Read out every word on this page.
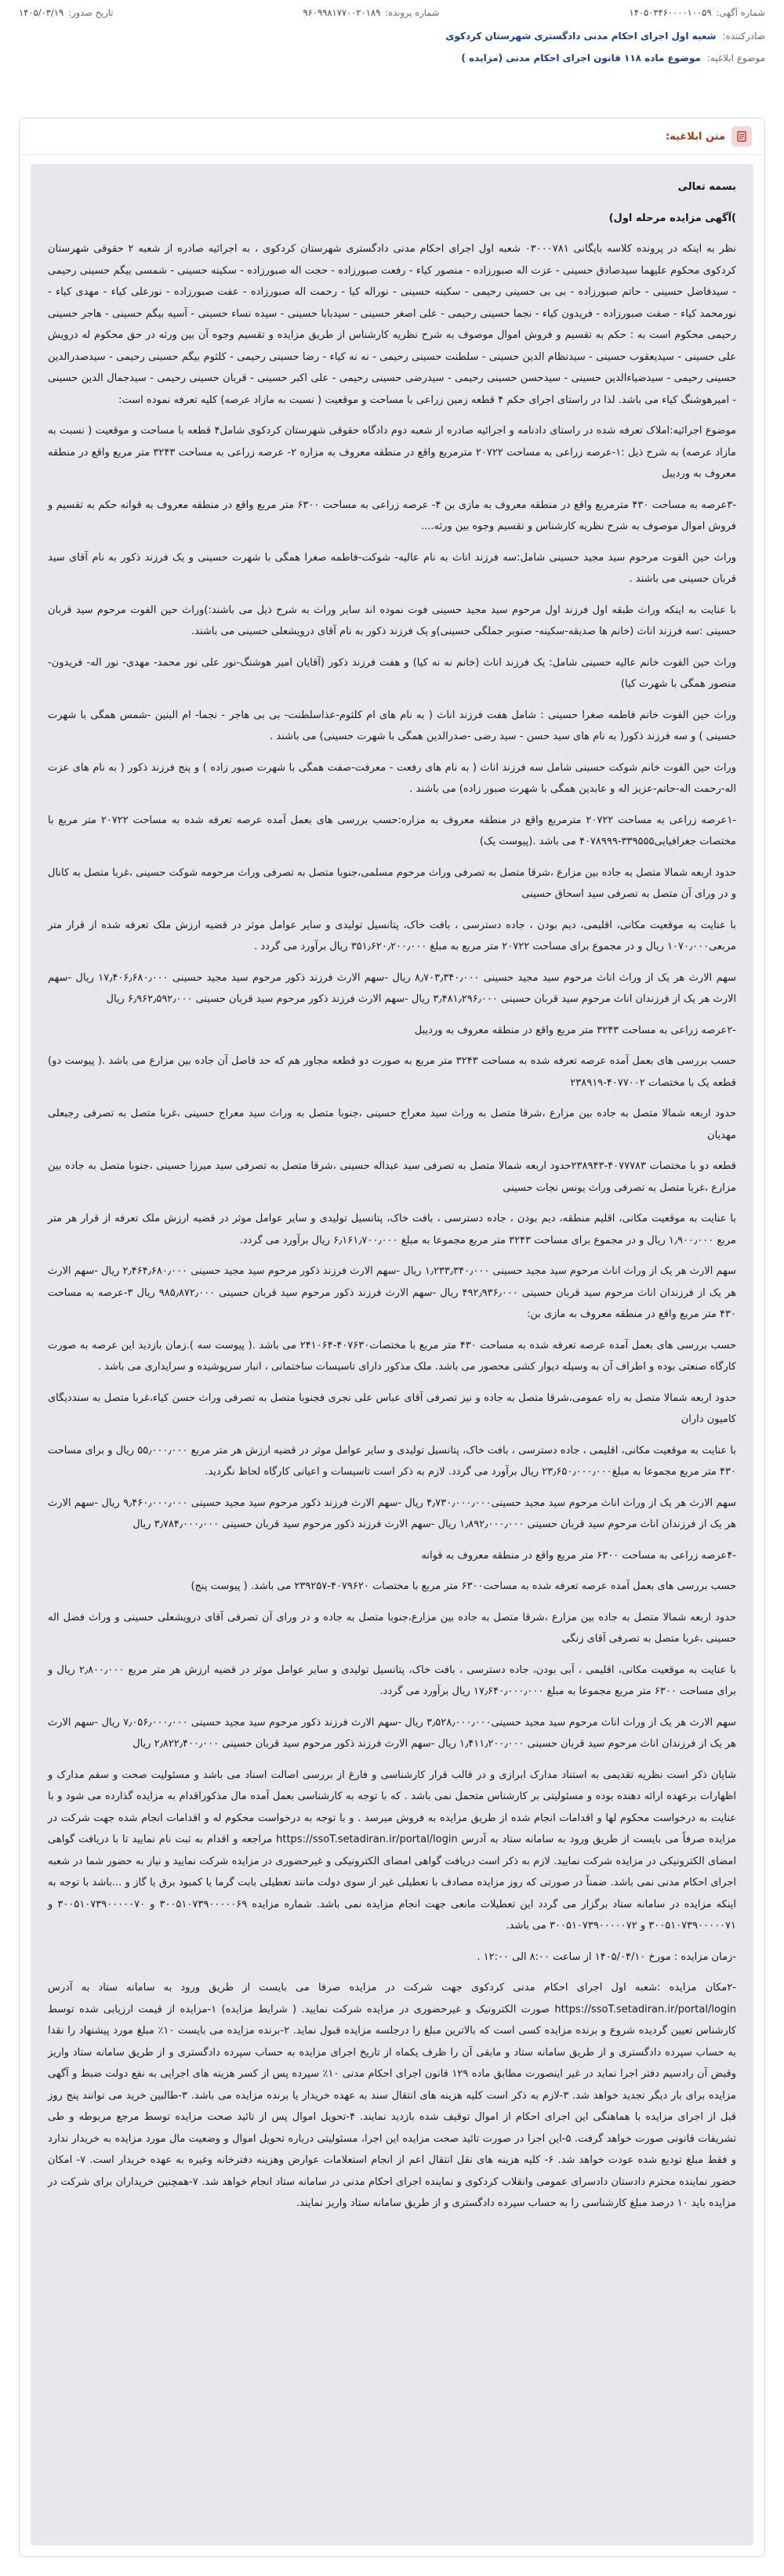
شماره آگهی:
۱۴۰۵۰۳۴۶۰۰۰۰۱۰۰۵۹
شماره پرونده:
۹۶۰۹۹۸۱۷۷۰۰۲۰۱۸۹
تاریخ صدور:
۱۴۰۵/۰۳/۱۹
صادرکننده:
شعبه اول اجرای احکام مدنی دادگستری شهرستان کردکوی
موضوع ابلاغیه:
موضوع ماده ۱۱۸ قانون اجرای احکام مدنی (مزایده )
متن ابلاغیه:

بسمه تعالی

)آگهی مزایده مرحله اول)

نظر به اینکه در پرونده کلاسه بایگانی ۰۳۰۰۰۷۸۱ شعبه اول اجرای احکام مدنی دادگستری شهرستان کردکوی ، به اجرائیه صادره از شعبه ۲ حقوقی شهرستان کردکوی محکوم علیهما سیدصادق حسینی - عزت اله صبورزاده - منصور کیاء - رفعت صبورزاده - حجت اله صبورزاده - سکینه حسینی - شمسی بیگم حسینی رحیمی - سیدفاضل حسینی - حاتم صبورزاده - بی بی حسینی رحیمی - سکینه حسینی - نوراله کیا - رحمت اله صبورزاده - عفت صبورزاده - نورعلی کیاء - مهدی کیاء - نورمحمد کیاء - صفت صبورزاده - فریدون کیاء - نجما حسینی رحیمی - علی اصغر حسینی - سیدبابا حسینی - سیده نساء حسینی - آسیه بیگم حسینی - هاجر حسینی رحیمی محکوم است به : حکم به تقسیم و فروش اموال موصوف به شرح نظریه کارشناس از طریق مزایده و تقسیم وجوه آن بین ورثه در حق محکوم له درویش علی حسینی - سیدیعقوب حسینی - سیدنظام الدین حسینی - سلطنت حسینی رحیمی - نه نه کیاء - رضا حسینی رحیمی - کلثوم بیگم حسینی رحیمی - سیدصدرالدین حسینی رحیمی - سیدضیاءالدین حسینی - سیدحسن حسینی رحیمی - سیدرضی حسینی رحیمی - علی اکبر حسینی - قربان حسینی رحیمی - سیدجمال الدین حسینی - امیرهوشنگ کیاء می باشد. لذا در راستای اجرای حکم ۴ قطعه زمین زراعی با مساحت و موقعیت ( نسبت به مازاد عرصه) کلیه تعرفه نموده است:

موضوع اجرائیه:املاک تعرفه شده در راستای دادنامه و اجرائیه صادره از شعبه دوم دادگاه حقوقی شهرستان کردکوی شامل۴ قطعه با مساحت و موقعیت ( نسبت به مازاد عرصه) به شرح ذیل :۱-عرصه زراعی به مساحت ۲۰۷۲۲ مترمربع واقع در منطقه معروف به مزاره ۲- عرصه زراعی به مساحت ۳۲۴۳ متر مربع واقع در منطقه معروف به وردیبل

-۳عرصه به مساحت ۴۳۰ مترمربع واقع در منطقه معروف به مازی بن ۴- عرصه زراعی به مساحت ۶۳۰۰ متر مربع واقع در منطقه معروف به قوانه حکم به تقسیم و فروش اموال موصوف به شرح نظریه کارشناس و تقسیم وجوه بین ورثه....

وراث حین الفوت مرحوم سید مجید حسینی شامل:سه فرزند اناث به نام عالیه- شوکت-فاطمه صغرا همگی با شهرت حسینی و یک فرزند ذکور به نام آقای سید قربان حسینی می باشند .

با عنایت به اینکه وراث طبقه اول فرزند اول مرحوم سید مجید حسینی فوت نموده اند سایر وراث به شرح ذیل می باشند:)وراث حین الفوت مرحوم سید قربان حسینی :سه فرزند اناث (خانم ها صدیقه-سکینه- صنوبر جملگی حسینی)و یک فرزند ذکور به نام آقای درویشعلی حسینی می باشند.

وراث حین الفوت خانم عالیه حسینی شامل: یک فرزند اناث (خانم نه نه کیا) و هفت فرزند ذکور (آقایان امیر هوشنگ-نور علی نور محمد- مهدی- نور اله- فریدون- منصور همگی با شهرت کیا)

وراث حین الفوت خانم فاطمه صغرا حسینی : شامل هفت فرزند اناث ( به نام های ام کلثوم-عذاسلطنت- بی بی هاجر - نجما- ام البنین -شمس همگی با شهرت حسینی ) و سه فرزند ذکور( به نام های سید حسن - سید رضی -صدرالدین همگی با شهرت حسینی) می باشند .

وراث حین الفوت خانم شوکت حسینی شامل سه فرزند اناث ( به نام های رفعت - معرفت-صفت همگی با شهرت صبور زاده ) و پنج فرزند ذکور ( به نام های عزت اله-رحمت اله-حاتم-عزیز اله و عابدین همگی با شهرت صبور زاده) می باشند .

-۱عرصه زراعی به مساحت ۲۰۷۲۲ مترمربع واقع در منطقه معروف به مزاره:حسب بررسی های بعمل آمده عرصه تعرفه شده به مساحت ۲۰۷۲۲ متر مربع با مختصات جغرافیایی۳۳۹۵۵۵-۴۰۷۸۹۹۹ می باشد .(پیوست یک)

حدود اربعه شمالا متصل به جاده بین مزارع ،شرقا متصل به تصرفی وراث مرحوم مسلمی،جنوبا متصل به تصرفی وراث مرحومه شوکت حسینی ،غربا متصل به کانال و در ورای آن متصل به تصرفی سید اسحاق حسینی

با عنایت به موقعیت مکانی، اقلیمی، دیم بودن ، جاده دسترسی ، بافت خاک، پتانسیل تولیدی و سایر عوامل موثر در قضیه ارزش ملک تعرفه شده از قرار متر مربعی۱۰۷۰٫۰۰۰ ریال و در مجموع برای مساحت ۲۰۷۲۲ متر مربع به مبلغ ۳۵۱٫۶۲۰٫۲۰۰٫۰۰۰ ریال برآورد می گردد .

سهم الارث هر یک از وراث اناث مرحوم سید مجید حسینی ۸٫۷۰۳٫۳۴۰٫۰۰۰ ریال -سهم الارث فرزند ذکور مرحوم سید مجید حسینی ۱۷٫۴۰۶٫۶۸۰٫۰۰۰ ریال -سهم الارث هر یک از فرزندان اناث مرحوم سید قربان حسینی ۳٫۴۸۱٫۲۹۶٫۰۰۰ ریال -سهم الارث فرزند ذکور مرحوم سید قربان حسینی ۶٫۹۶۲٫۵۹۲٫۰۰۰ ریال

-۲عرصه زراعی به مساحت ۳۲۴۳ متر مربع واقع در منطقه معروف به وردیبل

حسب بررسی های بعمل آمده عرصه تعرفه شده به مساحت ۳۲۴۳ متر مربع به صورت دو قطعه مجاور هم که حد فاصل آن جاده بین مزارع می باشد .( پیوست دو) قطعه یک با مختصات ۴۰۷۷۰۰۲-۲۳۸۹۱۹

حدود اربعه شمالا متصل به جاده بین مزارع ،شرقا متصل به وراث سید معراج حسینی ،جنوبا متصل به وراث سید معراج حسینی ،غربا متصل به تصرفی رجبعلی مهدیان

قطعه دو با مختصات ۴۰۷۷۷۸۳-۲۳۸۹۴۳حدود اربعه شمالا متصل به تصرفی سید عبداله حسینی ،شرقا متصل به تصرفی سید میرزا حسینی ،جنوبا متصل به جاده بین مزارع ،غربا متصل به تصرفی وراث یونس نجات حسینی

با عنایت به موقعیت مکانی، اقلیم منطقه، دیم بودن ، جاده دسترسی ، بافت خاک، پتانسیل تولیدی و سایر عوامل موثر در قضیه ارزش ملک تعرفه از قرار هر متر مربع ۱٫۹۰۰٫۰۰۰ ریال و در مجموع برای مساحت ۳۲۴۳ متر مربع مجموعا به مبلغ ۶٫۱۶۱٫۷۰۰٫۰۰۰ ریال برآورد می گردد.

سهم الارث هر یک از وراث اناث مرحوم سید مجید حسینی ۱٫۲۳۳٫۳۴۰٫۰۰۰ ریال -سهم الارث فرزند ذکور مرحوم سید مجید حسینی ۲٫۴۶۴٫۶۸۰٫۰۰۰ ریال -سهم الارث هر یک از فرزندان اناث مرحوم سید قربان حسینی ۴۹۲٫۹۳۶٫۰۰۰ ریال -سهم الارث فرزند ذکور مرحوم سید قربان حسینی ۹۸۵٫۸۷۲٫۰۰۰ ریال ۳-عرصه به مساحت ۴۳۰ متر مربع واقع در منطقه معروف به مازی بن:

حسب بررسی های بعمل آمده عرصه تعرفه شده به مساحت ۴۳۰ متر مربع با مختصات۴۰۷۶۳۰-۲۴۱۰۶۴ می باشد .( پیوست سه ).زمان بازدید این عرصه به صورت کارگاه صنعتی بوده و اطراف آن به وسیله دیوار کشی محصور می باشد. ملک مذکور دارای تاسیسات ساختمانی ، انبار سرپوشیده و سرایداری می باشد .

حدود اربعه شمالا متصل به راه عمومی،شرقا متصل به جاده و نیز تصرفی آقای عباس علی نجری فجنوبا متصل به تصرفی وراث حسن کیاء،غربا متصل به سنددیگای کامیون داران

با عنایت به موقعیت مکانی، اقلیمی ، جاده دسترسی ، بافت خاک، پتانسیل تولیدی و سایر عوامل موثر در قضیه ارزش هر متر مربع ۵۵٫۰۰۰٫۰۰۰ ریال و برای مساحت ۴۳۰ متر مربع مجموعا به مبلغ۲۳٫۶۵۰٫۰۰۰٫۰۰۰ ریال برآورد می گردد. لازم به ذکر است تاسیسات و اعیانی کارگاه لحاظ نگردید.

سهم الارث هر یک از وراث اناث مرحوم سید مجید حسینی۴٫۷۳۰٫۰۰۰٫۰۰۰ ریال -سهم الارث فرزند ذکور مرحوم سید مجید حسینی ۹٫۴۶۰٫۰۰۰٫۰۰۰ ریال -سهم الارث هر یک از فرزندان اناث مرحوم سید قربان حسینی ۱٫۸۹۲٫۰۰۰٫۰۰۰ ریال -سهم الارث فرزند ذکور مرحوم سید قربان حسینی ۳٫۷۸۴٫۰۰۰٫۰۰۰ ریال

-۴عرصه زراعی به مساحت ۶۳۰۰ متر مربع واقع در منطقه معروف به قوانه

حسب بررسی های بعمل آمده عرصه تعرفه شده به مساحت۶۳۰۰ متر مربع با مختصات ۴۰۷۹۶۲۰-۲۳۹۲۵۷ می باشد. ( پیوست پنج)

حدود اربعه شمالا متصل به جاده بین مزارع ،شرقا متصل به جاده بین مزارع،جنوبا متصل به جاده و در ورای آن تصرفی آقای درویشعلی حسینی و وراث فضل اله حسینی ،غربا متصل به تصرفی آقای زنگی

با عنایت به موقعیت مکانی، اقلیمی ، آبی بودن، جاده دسترسی ، بافت خاک، پتانسیل تولیدی و سایر عوامل موثر در قضیه ارزش هر متر مربع ۲٫۸۰۰٫۰۰۰ ریال و برای مساحت ۶۳۰۰ متر مربع مجموعا به مبلغ ۱۷٫۶۴۰٫۰۰۰٫۰۰۰ ریال برآورد می گردد.

سهم الارث هر یک از وراث اناث مرحوم سید مجید حسینی۳٫۵۲۸٫۰۰۰٫۰۰۰ ریال -سهم الارث فرزند ذکور مرحوم سید مجید حسینی ۷٫۰۵۶٫۰۰۰٫۰۰۰ ریال -سهم الارث هر یک از فرزندان اناث مرحوم سید قربان حسینی ۱٫۴۱۱٫۲۰۰٫۰۰۰ ریال -سهم الارث فرزند ذکور مرحوم سید قربان حسینی ۲٫۸۲۲٫۴۰۰٫۰۰۰ ریال

شایان ذکر است نظریه تقدیمی به استناد مدارک ابرازی و در قالب قرار کارشناسی و فارغ از بررسی اصالت اسناد می باشد و مسئولیت صحت و سقم مدارک و اظهارات برعهده ارائه دهنده بوده و مسئولیتی بر کارشناس متحمل نمی باشد . که با توجه به کارشناسی بعمل آمده مال مذکوراقدام به مزایده گذارده می شود و با عنایت به درخواست محکوم لها و اقدامات انجام شده از طریق مزایده به فروش میرسد . و با توجه به درخواست محکوم له و اقدامات انجام شده جهت شرکت در مزایده صرفاً می بایست از طریق ورود به سامانه ستاد به آدرس https://ssoT.setadiran.ir/portal/login مراجعه و اقدام به ثبت نام نمایید تا با دریافت گواهی امضای الکترونیکی در مزایده شرکت نمایید. لازم به ذکر است دریافت گواهی امضای الکترونیکی و غیرحضوری در مزایده شرکت نمایید و نیاز به حضور شما در شعبه اجرای احکام مدنی نمی باشد. ضمناً در صورتی که روز مزایده مصادف با تعطیلی غیر از سوی دولت مانند تعطیلی بابت گرما یا کمبود برق یا گاز و ...باشد با توجه به اینکه مزایده در سامانه ستاد برگزار می گردد این تعطیلات مانعی جهت انجام مزایده نمی باشد. شماره مزایده ۳۰۰۵۱۰۷۳۹۰۰۰۰۰۶۹ و ۳۰۰۵۱۰۷۳۹۰۰۰۰۰۷۰ و ۳۰۰۵۱۰۷۳۹۰۰۰۰۰۷۱ و ۳۰۰۵۱۰۷۳۹۰۰۰۰۰۷۲ می باشد.

-زمان مزایده : مورخ ۱۴۰۵/۰۴/۱۰ از ساعت ۸:۰۰ الی ۱۲:۰۰ .

-۲مکان مزایده :شعبه اول اجرای احکام مدنی کردکوی جهت شرکت در مزایده صرفا می بایست از طریق ورود به سامانه ستاد به آدرس https://ssoT.setadiran.ir/portal/login صورت الکترونیک و غیرحضوری در مزایده شرکت نمایید. ( شرایط مزایده) ۱-مزایده از قیمت ارزیابی شده توسط کارشناس تعیین گردیده شروع و برنده مزایده کسی است که بالاترین مبلغ را درجلسه مزایده قبول نماید. ۲-برنده مزایده می بایست ۱۰٪ مبلغ مورد پیشنهاد را نقدا به حساب سپرده دادگستری و از طریق سامانه ستاد و مابقی آن را ظرف یکماه از تاریخ اجرای مزایده به حساب سپرده دادگستری و از طریق سامانه ستاد واریز وقبض آن رادسیم دفتر اجرا نماید در غیر اینصورت مطابق ماده ۱۲۹ قانون اجرای احکام مدنی ۱۰٪ سپرده پس از کسر هزینه های اجرایی به نفع دولت ضبط و آگهی مزایده برای بار دیگر تجدید خواهد شد. ۳-لازم به ذکر است کلیه هزینه های انتقال سند به عهده خریدار یا برنده مزایده می باشد. ۳-طالبین خرید می توانند پنج روز قبل از اجرای مزایده با هماهنگی این اجرای احکام از اموال توقیف شده بازدید نمایند. ۴-تحویل اموال پس از تائید صحت مزایده توسط مرجع مربوطه و طی تشریفات قانونی صورت خواهد گرفت. ۵-این اجرا در صورت تائید صحت مزایده این اجرا، مسئولیتی درباره تحویل اموال و وضعیت مال مورد مزایده به خریدار ندارد و فقط مبلغ تودیع شده عودت خواهد شد. ۶- کلیه هزینه های نقل انتقال اعم از انجام استعلامات عوارض وهزینه دفترخانه وغیره به عهده خریدار است. ۷- امکان حضور نماینده محترم دادستان دادسرای عمومی وانقلاب کردکوی و نماینده اجرای احکام مدنی در سامانه ستاد انجام خواهد شد. ۷-همچنین خریداران برای شرکت در مزایده باید ۱۰ درصد مبلغ کارشناسی را به حساب سپرده دادگستری و از طریق سامانه ستاد واریز نمایند.
